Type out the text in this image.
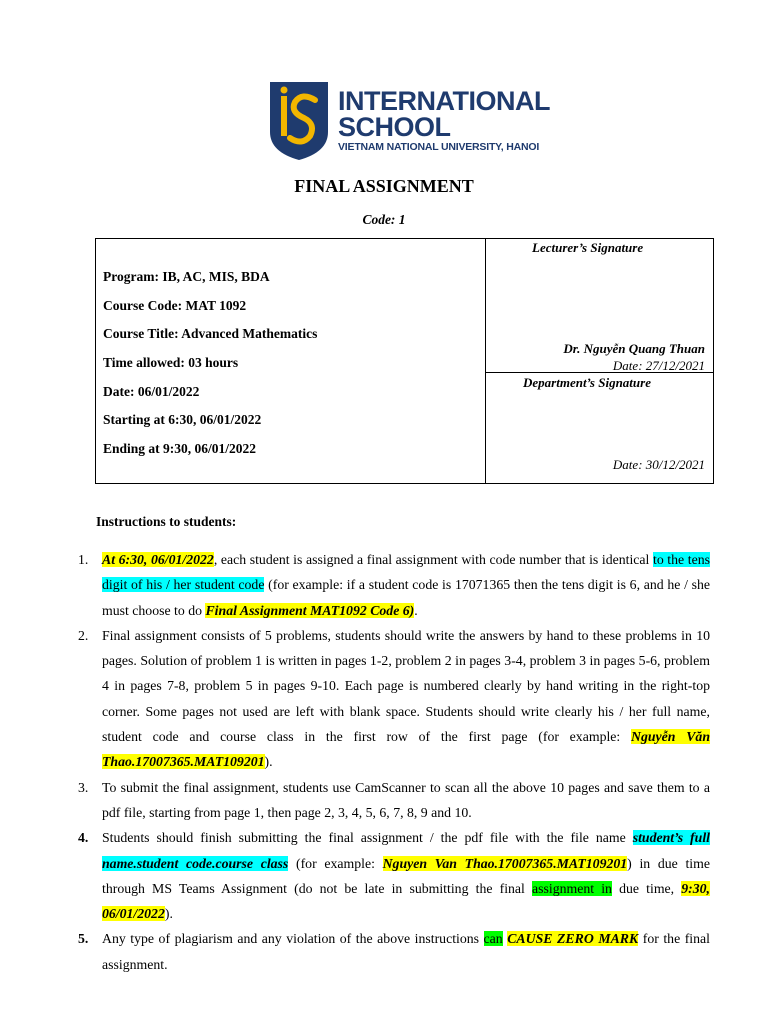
INTERNATIONAL
SCHOOL
VIETNAM NATIONAL UNIVERSITY, HANOI
FINAL ASSIGNMENT
Code: 1
Program: IB, AC, MIS, BDA
Course Code: MAT 1092
Course Title: Advanced Mathematics
Time allowed: 03 hours
Date: 06/01/2022
Starting at 6:30, 06/01/2022
Ending at 9:30, 06/01/2022
Lecturer’s Signature
Dr. Nguyễn Quang Thuan
Date: 27/12/2021
Department’s Signature
Date: 30/12/2021
Instructions to students:
1. At 6:30, 06/01/2022, each student is assigned a final assignment with code number that is identical to the tens digit of his / her student code (for example: if a student code is 17071365 then the tens digit is 6, and he / she must choose to do Final Assignment MAT1092 Code 6).
2. Final assignment consists of 5 problems, students should write the answers by hand to these problems in 10 pages. Solution of problem 1 is written in pages 1-2, problem 2 in pages 3-4, problem 3 in pages 5-6, problem 4 in pages 7-8, problem 5 in pages 9-10. Each page is numbered clearly by hand writing in the right-top corner. Some pages not used are left with blank space. Students should write clearly his / her full name, student code and course class in the first row of the first page (for example: Nguyễn Văn Thao.17007365.MAT109201).
3. To submit the final assignment, students use CamScanner to scan all the above 10 pages and save them to a pdf file, starting from page 1, then page 2, 3, 4, 5, 6, 7, 8, 9 and 10.
4. Students should finish submitting the final assignment / the pdf file with the file name student’s full name.student code.course class (for example: Nguyen Van Thao.17007365.MAT109201) in due time through MS Teams Assignment (do not be late in submitting the final assignment in due time, 9:30, 06/01/2022).
5. Any type of plagiarism and any violation of the above instructions can CAUSE ZERO MARK for the final assignment.
